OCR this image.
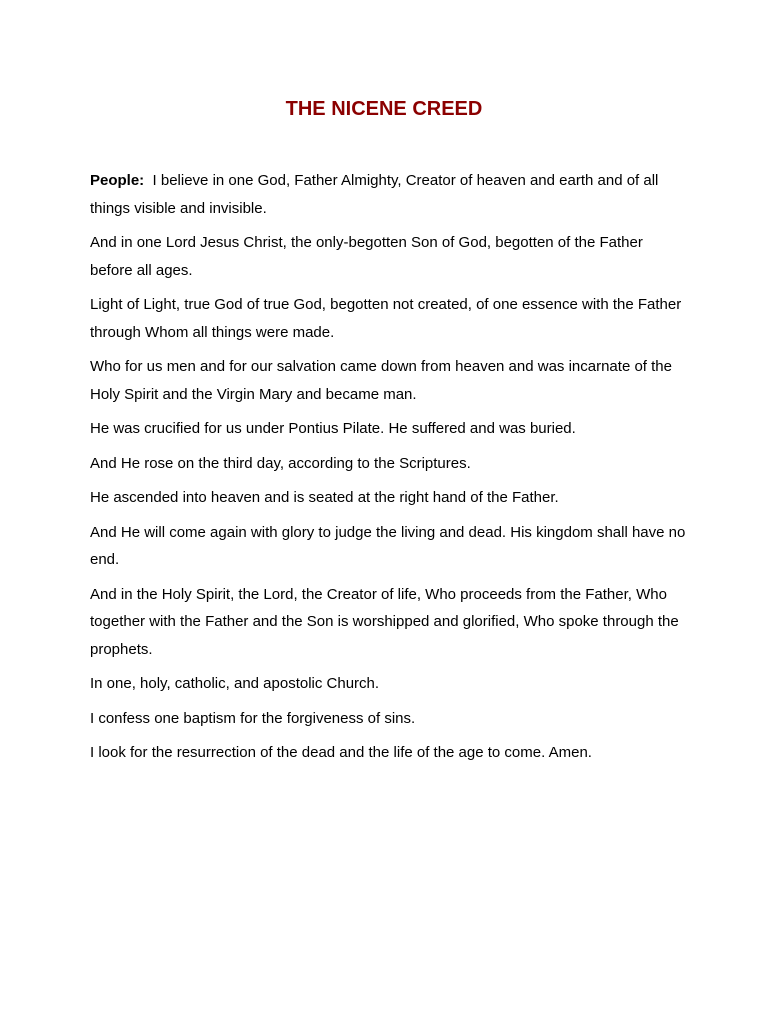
THE NICENE CREED

People: I believe in one God, Father Almighty, Creator of heaven and earth and of all things visible and invisible.

And in one Lord Jesus Christ, the only-begotten Son of God, begotten of the Father before all ages.

Light of Light, true God of true God, begotten not created, of one essence with the Father through Whom all things were made.

Who for us men and for our salvation came down from heaven and was incarnate of the Holy Spirit and the Virgin Mary and became man.

He was crucified for us under Pontius Pilate. He suffered and was buried.

And He rose on the third day, according to the Scriptures.

He ascended into heaven and is seated at the right hand of the Father.

And He will come again with glory to judge the living and dead. His kingdom shall have no end.

And in the Holy Spirit, the Lord, the Creator of life, Who proceeds from the Father, Who together with the Father and the Son is worshipped and glorified, Who spoke through the prophets.

In one, holy, catholic, and apostolic Church.

I confess one baptism for the forgiveness of sins.

I look for the resurrection of the dead and the life of the age to come. Amen.
